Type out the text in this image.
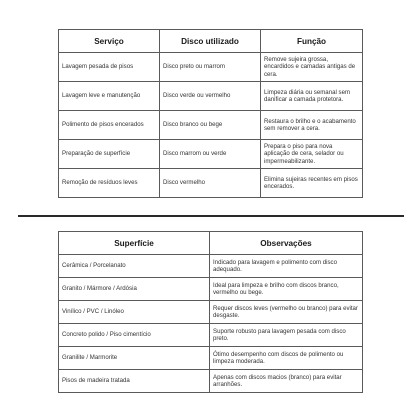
Serviço	Disco utilizado	Função
Lavagem pesada de pisos	Disco preto ou marrom	Remove sujeira grossa, encardidos e camadas antigas de cera.
Lavagem leve e manutenção	Disco verde ou vermelho	Limpeza diária ou semanal sem danificar a camada protetora.
Polimento de pisos encerados	Disco branco ou bege	Restaura o brilho e o acabamento sem remover a cera.
Preparação de superfície	Disco marrom ou verde	Prepara o piso para nova aplicação de cera, selador ou impermeabilizante.
Remoção de resíduos leves	Disco vermelho	Elimina sujeiras recentes em pisos encerados.
Superfície	Observações
Cerâmica / Porcelanato	Indicado para lavagem e polimento com disco adequado.
Granito / Mármore / Ardósia	Ideal para limpeza e brilho com discos branco, vermelho ou bege.
Vinílico / PVC / Linóleo	Requer discos leves (vermelho ou branco) para evitar desgaste.
Concreto polido / Piso cimentício	Suporte robusto para lavagem pesada com disco preto.
Granilite / Marmorite	Ótimo desempenho com discos de polimento ou limpeza moderada.
Pisos de madeira tratada	Apenas com discos macios (branco) para evitar arranhões.
